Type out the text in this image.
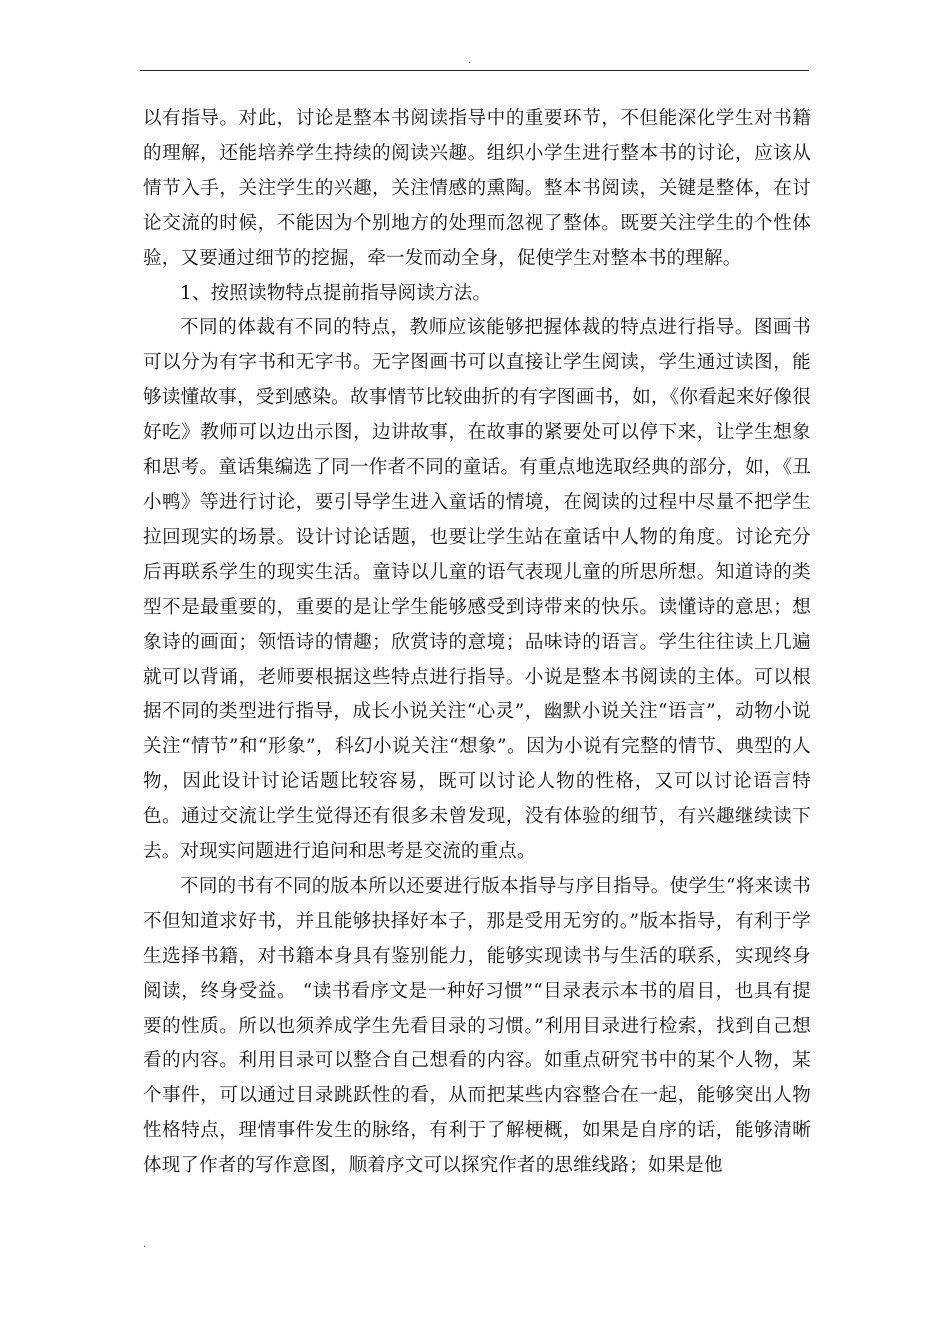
.

以有指导。对此，讨论是整本书阅读指导中的重要环节，不但能深化学生对书籍的理解，还能培养学生持续的阅读兴趣。组织小学生进行整本书的讨论，应该从情节入手，关注学生的兴趣，关注情感的熏陶。整本书阅读，关键是整体，在讨论交流的时候，不能因为个别地方的处理而忽视了整体。既要关注学生的个性体验，又要通过细节的挖掘，牵一发而动全身，促使学生对整本书的理解。

1、按照读物特点提前指导阅读方法。

不同的体裁有不同的特点，教师应该能够把握体裁的特点进行指导。图画书可以分为有字书和无字书。无字图画书可以直接让学生阅读，学生通过读图，能够读懂故事，受到感染。故事情节比较曲折的有字图画书，如，《你看起来好像很好吃》教师可以边出示图，边讲故事，在故事的紧要处可以停下来，让学生想象和思考。童话集编选了同一作者不同的童话。有重点地选取经典的部分，如，《丑小鸭》等进行讨论，要引导学生进入童话的情境，在阅读的过程中尽量不把学生拉回现实的场景。设计讨论话题，也要让学生站在童话中人物的角度。讨论充分后再联系学生的现实生活。童诗以儿童的语气表现儿童的所思所想。知道诗的类型不是最重要的，重要的是让学生能够感受到诗带来的快乐。读懂诗的意思；想象诗的画面；领悟诗的情趣；欣赏诗的意境；品味诗的语言。学生往往读上几遍就可以背诵，老师要根据这些特点进行指导。小说是整本书阅读的主体。可以根据不同的类型进行指导，成长小说关注“心灵”，幽默小说关注“语言”，动物小说关注“情节”和“形象”，科幻小说关注“想象”。因为小说有完整的情节、典型的人物，因此设计讨论话题比较容易，既可以讨论人物的性格，又可以讨论语言特色。通过交流让学生觉得还有很多未曾发现，没有体验的细节，有兴趣继续读下去。对现实问题进行追问和思考是交流的重点。

不同的书有不同的版本所以还要进行版本指导与序目指导。使学生“将来读书不但知道求好书，并且能够抉择好本子，那是受用无穷的。”版本指导，有利于学生选择书籍，对书籍本身具有鉴别能力，能够实现读书与生活的联系，实现终身阅读，终身受益。 “读书看序文是一种好习惯”“目录表示本书的眉目，也具有提要的性质。所以也须养成学生先看目录的习惯。”利用目录进行检索，找到自己想看的内容。利用目录可以整合自己想看的内容。如重点研究书中的某个人物，某个事件，可以通过目录跳跃性的看，从而把某些内容整合在一起，能够突出人物性格特点，理情事件发生的脉络，有利于了解梗概，如果是自序的话，能够清晰体现了作者的写作意图，顺着序文可以探究作者的思维线路；如果是他

.
